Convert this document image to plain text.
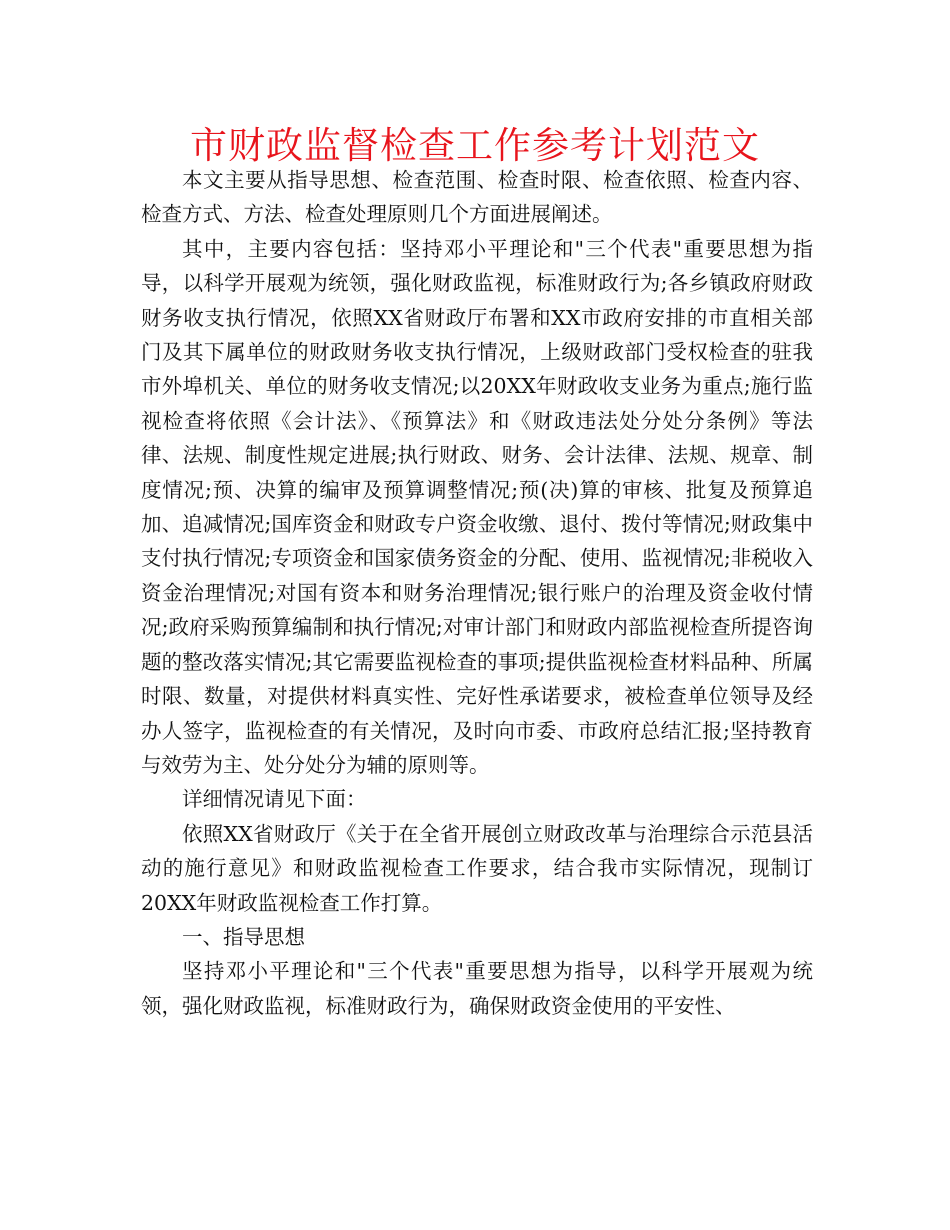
市财政监督检查工作参考计划范文

本文主要从指导思想、检查范围、检查时限、检查依照、检查内容、检查方式、方法、检查处理原则几个方面进展阐述。

其中，主要内容包括：坚持邓小平理论和"三个代表"重要思想为指导，以科学开展观为统领，强化财政监视，标准财政行为;各乡镇政府财政财务收支执行情况，依照XX省财政厅布署和XX市政府安排的市直相关部门及其下属单位的财政财务收支执行情况，上级财政部门受权检查的驻我市外埠机关、单位的财务收支情况;以20XX年财政收支业务为重点;施行监视检查将依照《会计法》、《预算法》和《财政违法处分处分条例》等法律、法规、制度性规定进展;执行财政、财务、会计法律、法规、规章、制度情况;预、决算的编审及预算调整情况;预(决)算的审核、批复及预算追加、追减情况;国库资金和财政专户资金收缴、退付、拨付等情况;财政集中支付执行情况;专项资金和国家债务资金的分配、使用、监视情况;非税收入资金治理情况;对国有资本和财务治理情况;银行账户的治理及资金收付情况;政府采购预算编制和执行情况;对审计部门和财政内部监视检查所提咨询题的整改落实情况;其它需要监视检查的事项;提供监视检查材料品种、所属时限、数量，对提供材料真实性、完好性承诺要求，被检查单位领导及经办人签字，监视检查的有关情况，及时向市委、市政府总结汇报;坚持教育与效劳为主、处分处分为辅的原则等。

详细情况请见下面：

依照XX省财政厅《关于在全省开展创立财政改革与治理综合示范县活动的施行意见》和财政监视检查工作要求，结合我市实际情况，现制订20XX年财政监视检查工作打算。

一、指导思想

坚持邓小平理论和"三个代表"重要思想为指导，以科学开展观为统领，强化财政监视，标准财政行为，确保财政资金使用的平安性、
